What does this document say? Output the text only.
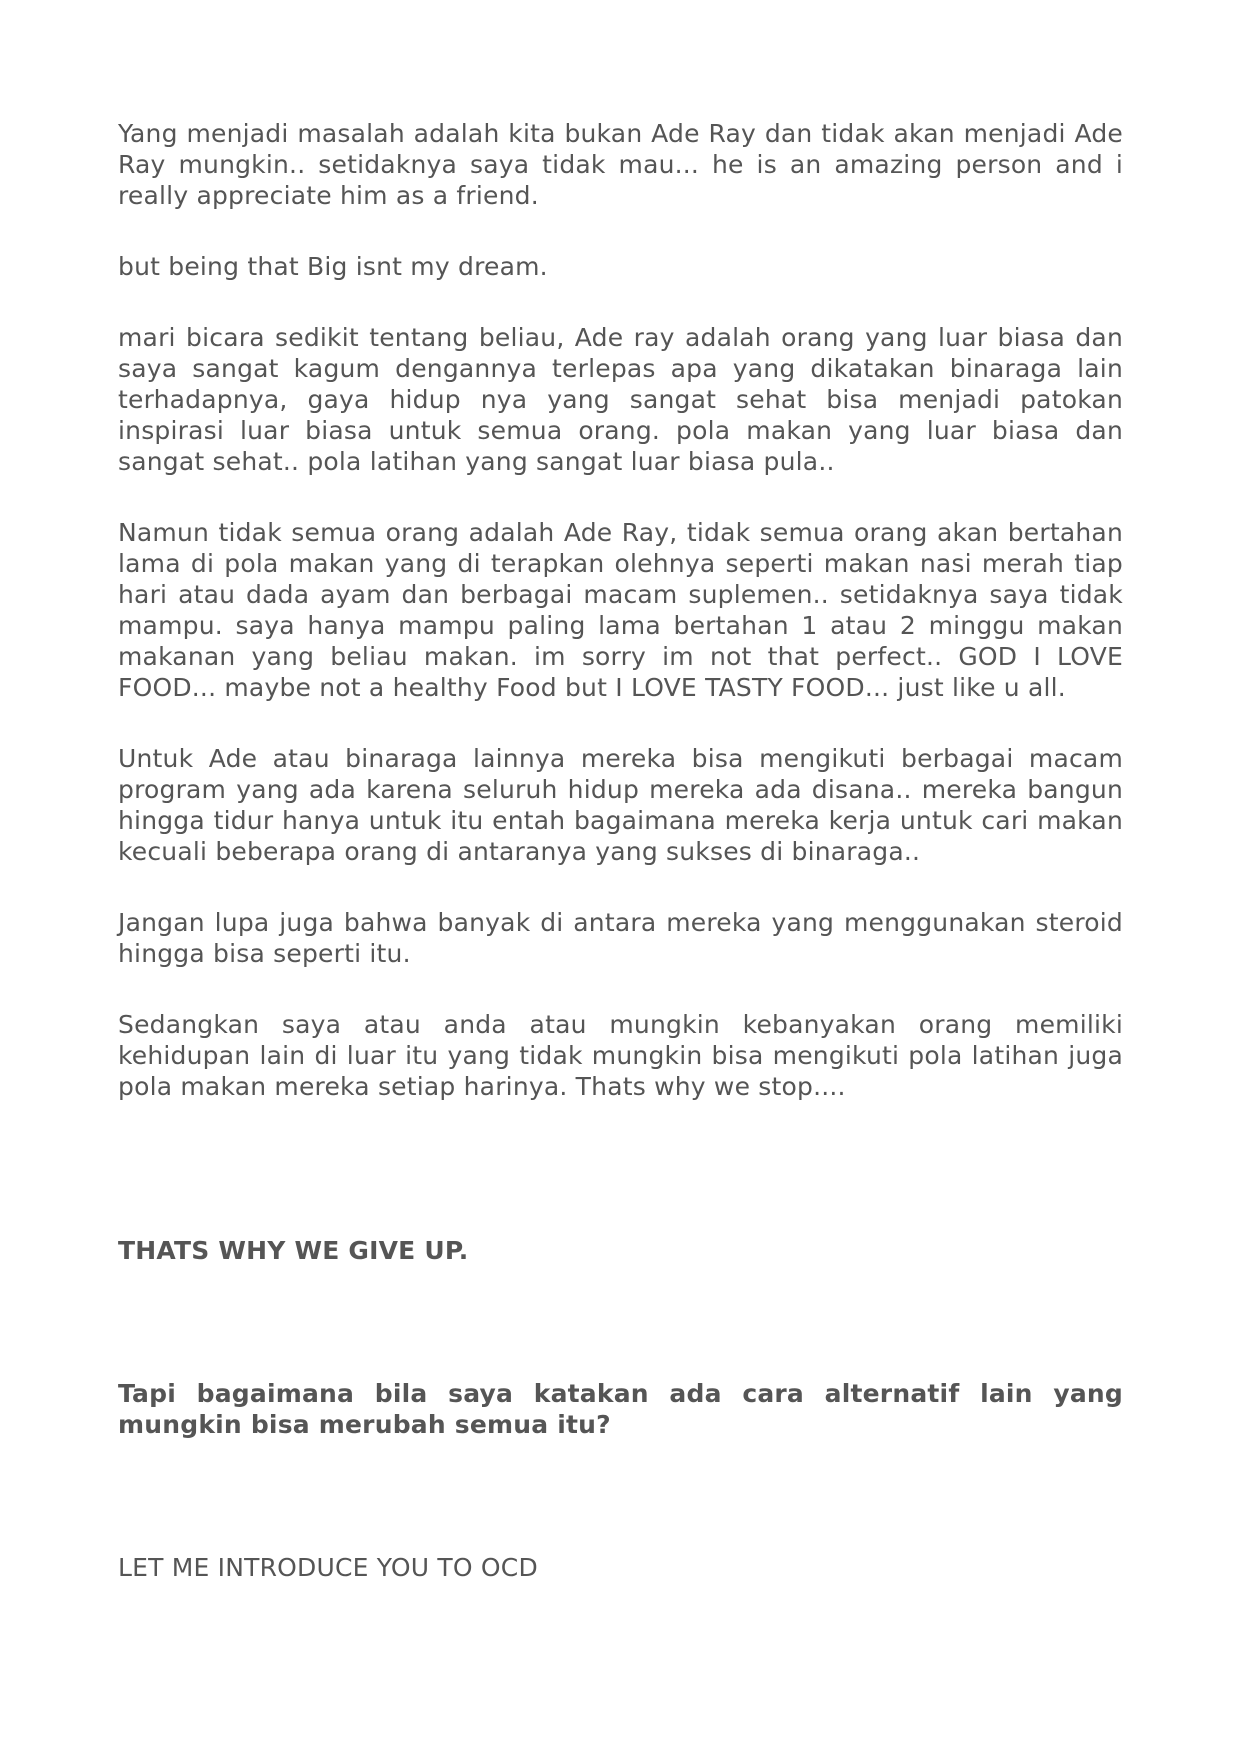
Yang menjadi masalah adalah kita bukan Ade Ray dan tidak akan menjadi Ade Ray mungkin.. setidaknya saya tidak mau... he is an amazing person and i really appreciate him as a friend.

but being that Big isnt my dream.

mari bicara sedikit tentang beliau, Ade ray adalah orang yang luar biasa dan saya sangat kagum dengannya terlepas apa yang dikatakan binaraga lain terhadapnya, gaya hidup nya yang sangat sehat bisa menjadi patokan inspirasi luar biasa untuk semua orang. pola makan yang luar biasa dan sangat sehat.. pola latihan yang sangat luar biasa pula..

Namun tidak semua orang adalah Ade Ray, tidak semua orang akan bertahan lama di pola makan yang di terapkan olehnya seperti makan nasi merah tiap hari atau dada ayam dan berbagai macam suplemen.. setidaknya saya tidak mampu. saya hanya mampu paling lama bertahan 1 atau 2 minggu makan makanan yang beliau makan. im sorry im not that perfect.. GOD I LOVE FOOD... maybe not a healthy Food but I LOVE TASTY FOOD... just like u all.

Untuk Ade atau binaraga lainnya mereka bisa mengikuti berbagai macam program yang ada karena seluruh hidup mereka ada disana.. mereka bangun hingga tidur hanya untuk itu entah bagaimana mereka kerja untuk cari makan kecuali beberapa orang di antaranya yang sukses di binaraga..

Jangan lupa juga bahwa banyak di antara mereka yang menggunakan steroid hingga bisa seperti itu.

Sedangkan saya atau anda atau mungkin kebanyakan orang memiliki kehidupan lain di luar itu yang tidak mungkin bisa mengikuti pola latihan juga pola makan mereka setiap harinya. Thats why we stop....

THATS WHY WE GIVE UP.

Tapi bagaimana bila saya katakan ada cara alternatif lain yang mungkin bisa merubah semua itu?

LET ME INTRODUCE YOU TO OCD
